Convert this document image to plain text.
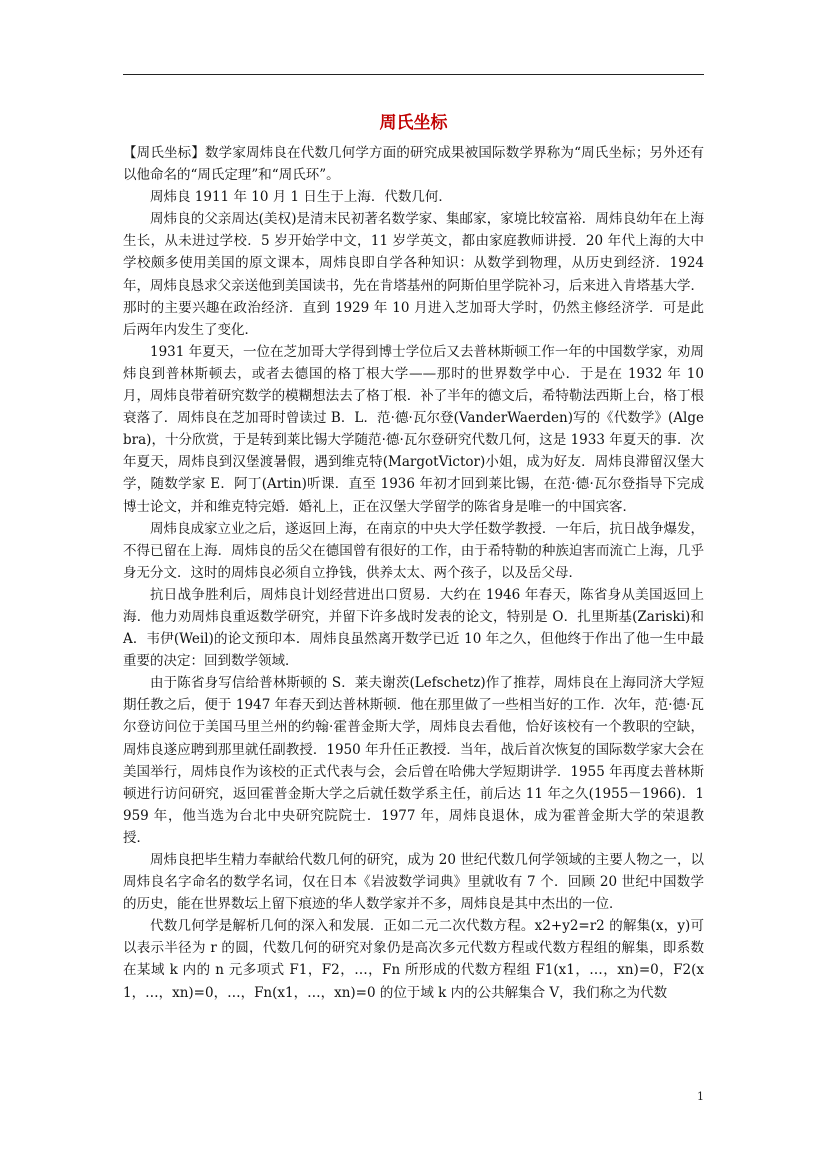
周氏坐标

【周氏坐标】数学家周炜良在代数几何学方面的研究成果被国际数学界称为“周氏坐标；另外还有以他命名的“周氏定理”和“周氏环”。

周炜良 1911 年 10 月 1 日生于上海．代数几何．

周炜良的父亲周达(美权)是清末民初著名数学家、集邮家，家境比较富裕．周炜良幼年在上海生长，从未进过学校．5 岁开始学中文，11 岁学英文，都由家庭教师讲授．20 年代上海的大中学校颇多使用美国的原文课本，周炜良即自学各种知识：从数学到物理，从历史到经济．1924 年，周炜良恳求父亲送他到美国读书，先在肯塔基州的阿斯伯里学院补习，后来进入肯塔基大学．那时的主要兴趣在政治经济．直到 1929 年 10 月进入芝加哥大学时，仍然主修经济学．可是此后两年内发生了变化．

1931 年夏天，一位在芝加哥大学得到博士学位后又去普林斯顿工作一年的中国数学家，劝周炜良到普林斯顿去，或者去德国的格丁根大学——那时的世界数学中心．于是在 1932 年 10 月，周炜良带着研究数学的模糊想法去了格丁根．补了半年的德文后，希特勒法西斯上台，格丁根衰落了．周炜良在芝加哥时曾读过 B．L．范·德·瓦尔登(VanderWaerden)写的《代数学》(Algebra)，十分欣赏，于是转到莱比锡大学随范·德·瓦尔登研究代数几何，这是 1933 年夏天的事．次年夏天，周炜良到汉堡渡暑假，遇到维克特(MargotVictor)小姐，成为好友．周炜良滞留汉堡大学，随数学家 E．阿丁(Artin)听课．直至 1936 年初才回到莱比锡，在范·德·瓦尔登指导下完成博士论文，并和维克特完婚．婚礼上，正在汉堡大学留学的陈省身是唯一的中国宾客．

周炜良成家立业之后，遂返回上海，在南京的中央大学任数学教授．一年后，抗日战争爆发，不得已留在上海．周炜良的岳父在德国曾有很好的工作，由于希特勒的种族迫害而流亡上海，几乎身无分文．这时的周炜良必须自立挣钱，供养太太、两个孩子，以及岳父母．

抗日战争胜利后，周炜良计划经营进出口贸易．大约在 1946 年春天，陈省身从美国返回上海．他力劝周炜良重返数学研究，并留下许多战时发表的论文，特别是 O．扎里斯基(Zariski)和 A．韦伊(Weil)的论文预印本．周炜良虽然离开数学已近 10 年之久，但他终于作出了他一生中最重要的决定：回到数学领域．

由于陈省身写信给普林斯顿的 S．莱夫谢茨(Lefschetz)作了推荐，周炜良在上海同济大学短期任教之后，便于 1947 年春天到达普林斯顿．他在那里做了一些相当好的工作．次年，范·德·瓦尔登访问位于美国马里兰州的约翰·霍普金斯大学，周炜良去看他，恰好该校有一个教职的空缺，周炜良遂应聘到那里就任副教授．1950 年升任正教授．当年，战后首次恢复的国际数学家大会在美国举行，周炜良作为该校的正式代表与会，会后曾在哈佛大学短期讲学．1955 年再度去普林斯顿进行访问研究，返回霍普金斯大学之后就任数学系主任，前后达 11 年之久(1955－1966)．1959 年，他当选为台北中央研究院院士．1977 年，周炜良退休，成为霍普金斯大学的荣退教授．

周炜良把毕生精力奉献给代数几何的研究，成为 20 世纪代数几何学领域的主要人物之一，以周炜良名字命名的数学名词，仅在日本《岩波数学词典》里就收有 7 个．回顾 20 世纪中国数学的历史，能在世界数坛上留下痕迹的华人数学家并不多，周炜良是其中杰出的一位．

代数几何学是解析几何的深入和发展．正如二元二次代数方程。x2+y2=r2 的解集(x，y)可以表示半径为 r 的圆，代数几何的研究对象仍是高次多元代数方程或代数方程组的解集，即系数在某域 k 内的 n 元多项式 F1，F2，…，Fn 所形成的代数方程组 F1(x1，…，xn)=0，F2(x1，…，xn)=0，…，Fn(x1，…，xn)=0 的位于域 k 内的公共解集合 V，我们称之为代数

1
